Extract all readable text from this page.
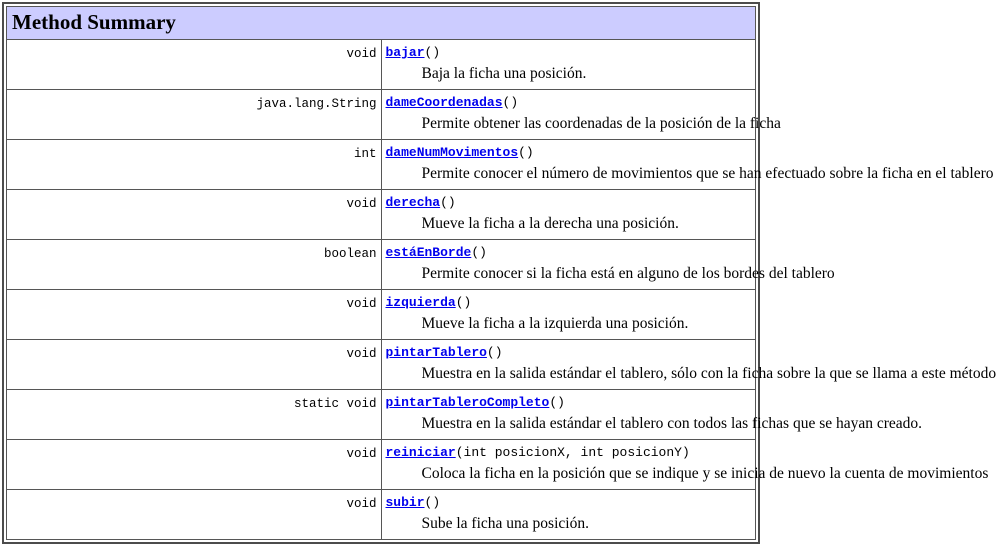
Method Summary	
void	bajar()
Baja la ficha una posición.

java.lang.String	dameCoordenadas()
Permite obtener las coordenadas de la posición de la ficha

int	dameNumMovimentos()
Permite conocer el número de movimientos que se han efectuado sobre la ficha en el tablero

void	derecha()
Mueve la ficha a la derecha una posición.

boolean	estáEnBorde()
Permite conocer si la ficha está en alguno de los bordes del tablero

void	izquierda()
Mueve la ficha a la izquierda una posición.

void	pintarTablero()
Muestra en la salida estándar el tablero, sólo con la ficha sobre la que se llama a este método

static void	pintarTableroCompleto()
Muestra en la salida estándar el tablero con todos las fichas que se hayan creado.

void	reiniciar(int posicionX, int posicionY)
Coloca la ficha en la posición que se indique y se inicia de nuevo la cuenta de movimientos

void	subir()
Sube la ficha una posición.
